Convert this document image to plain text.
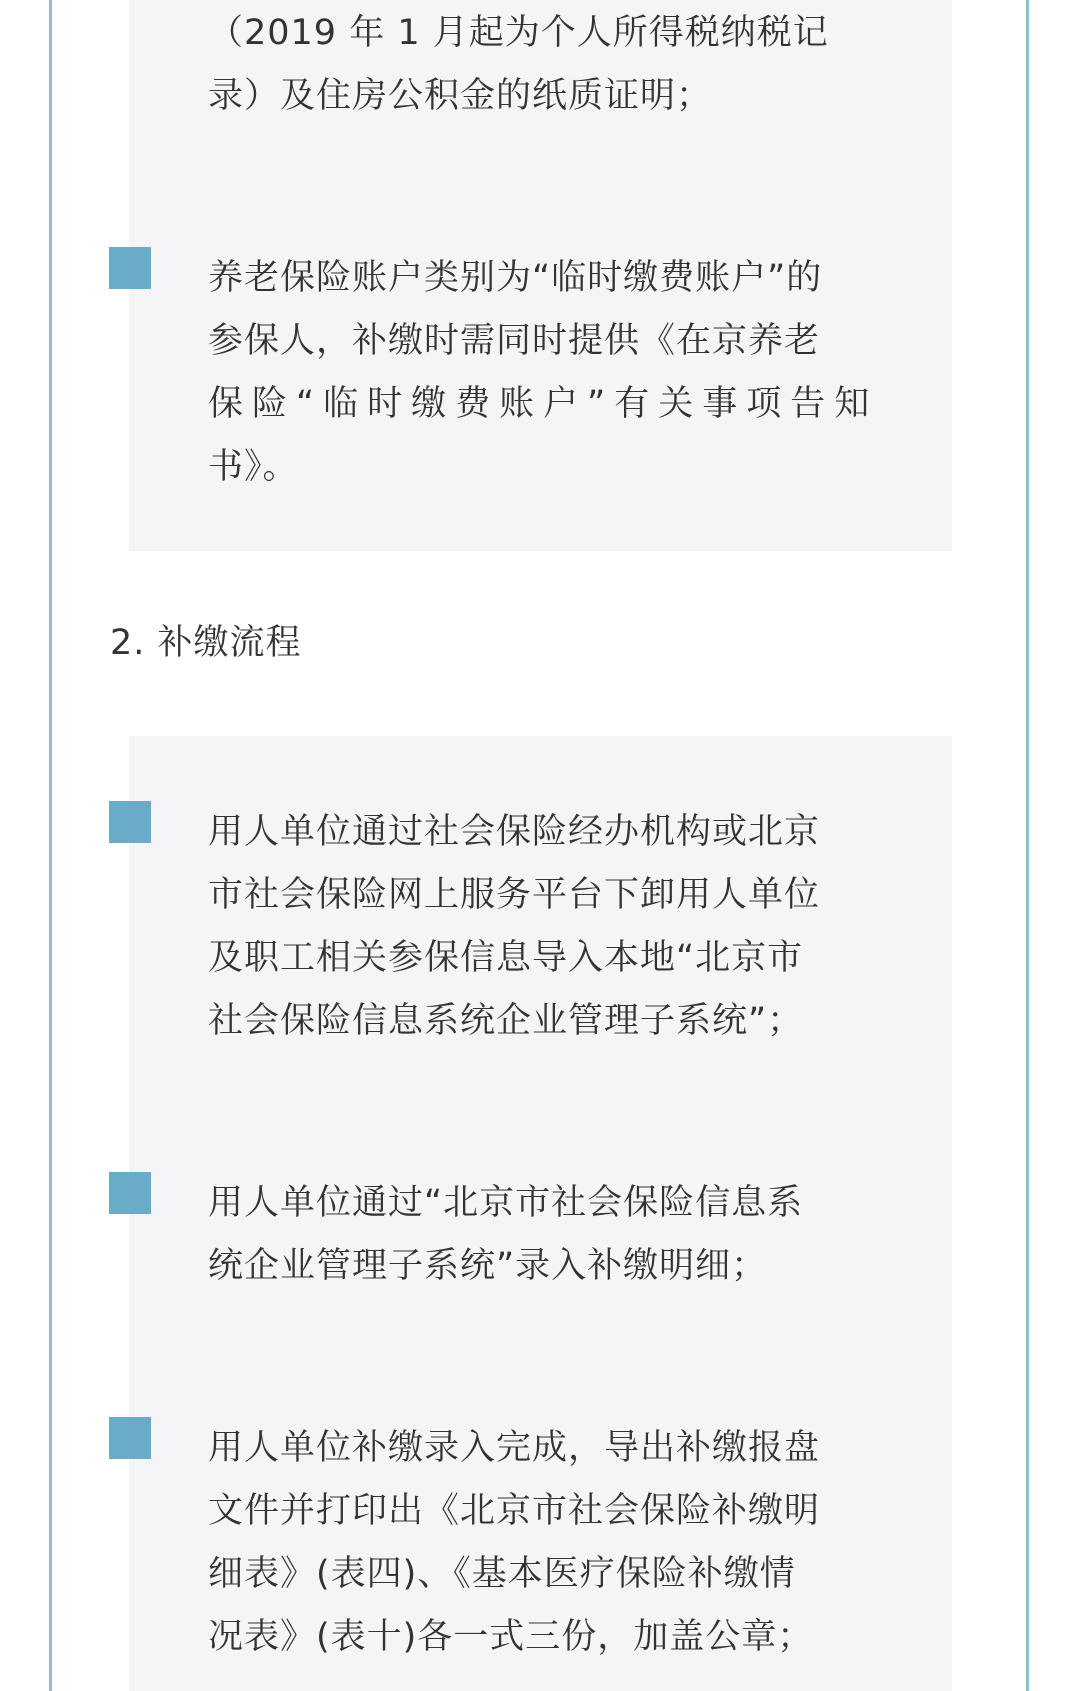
（2019 年 1 月起为个人所得税纳税记
录）及住房公积金的纸质证明；
养老保险账户类别为“临时缴费账户”的
参保人，补缴时需同时提供《在京养老
保险“临时缴费账户”有关事项告知
书》。
2. 补缴流程
用人单位通过社会保险经办机构或北京
市社会保险网上服务平台下卸用人单位
及职工相关参保信息导入本地“北京市
社会保险信息系统企业管理子系统”；
用人单位通过“北京市社会保险信息系
统企业管理子系统”录入补缴明细；
用人单位补缴录入完成，导出补缴报盘
文件并打印出《北京市社会保险补缴明
细表》(表四)、《基本医疗保险补缴情
况表》(表十)各一式三份，加盖公章；
